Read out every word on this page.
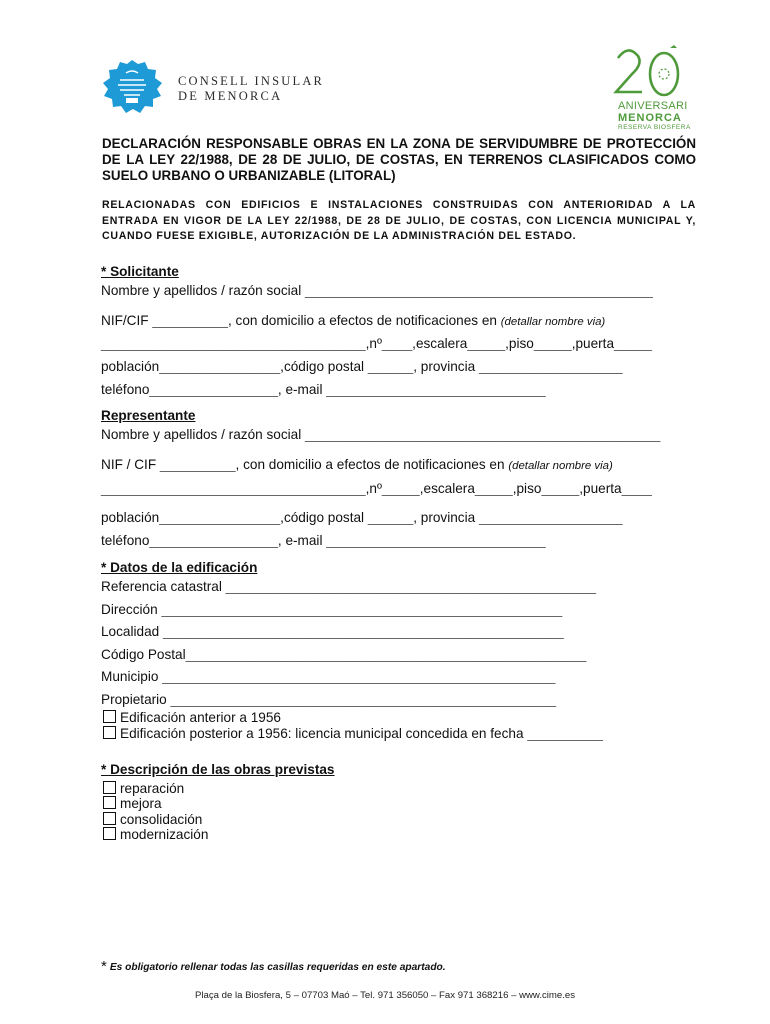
CONSELL INSULAR
DE MENORCA
ANIVERSARI
MENORCA
RESERVA BIOSFERA
DECLARACIÓN RESPONSABLE OBRAS EN LA ZONA DE SERVIDUMBRE DE PROTECCIÓN DE LA LEY 22/1988, DE 28 DE JULIO, DE COSTAS, EN TERRENOS CLASIFICADOS COMO SUELO URBANO O URBANIZABLE (LITORAL)
RELACIONADAS CON EDIFICIOS E INSTALACIONES CONSTRUIDAS CON ANTERIORIDAD A LA ENTRADA EN VIGOR DE LA LEY 22/1988, DE 28 DE JULIO, DE COSTAS, CON LICENCIA MUNICIPAL Y, CUANDO FUESE EXIGIBLE, AUTORIZACIÓN DE LA ADMINISTRACIÓN DEL ESTADO.
* Solicitante
Nombre y apellidos / razón social ______________________________________________
NIF/CIF __________, con domicilio a efectos de notificaciones en (detallar nombre via)
___________________________________,nº____,escalera_____,piso_____,puerta_____
población________________,código postal ______, provincia ___________________
teléfono_________________, e-mail _____________________________
Representante
Nombre y apellidos / razón social _______________________________________________
NIF / CIF __________, con domicilio a efectos de notificaciones en (detallar nombre via)
___________________________________,nº_____,escalera_____,piso_____,puerta____
población________________,código postal ______, provincia ___________________
teléfono_________________, e-mail _____________________________
* Datos de la edificación
Referencia catastral _________________________________________________
Dirección _____________________________________________________
Localidad _____________________________________________________
Código Postal_____________________________________________________
Municipio ____________________________________________________
Propietario ___________________________________________________
Edificación anterior a 1956
Edificación posterior a 1956: licencia municipal concedida en fecha __________
* Descripción de las obras previstas
reparación
mejora
consolidación
modernización
* Es obligatorio rellenar todas las casillas requeridas en este apartado.
Plaça de la Biosfera, 5 – 07703 Maó – Tel. 971 356050 – Fax 971 368216 – www.cime.es
